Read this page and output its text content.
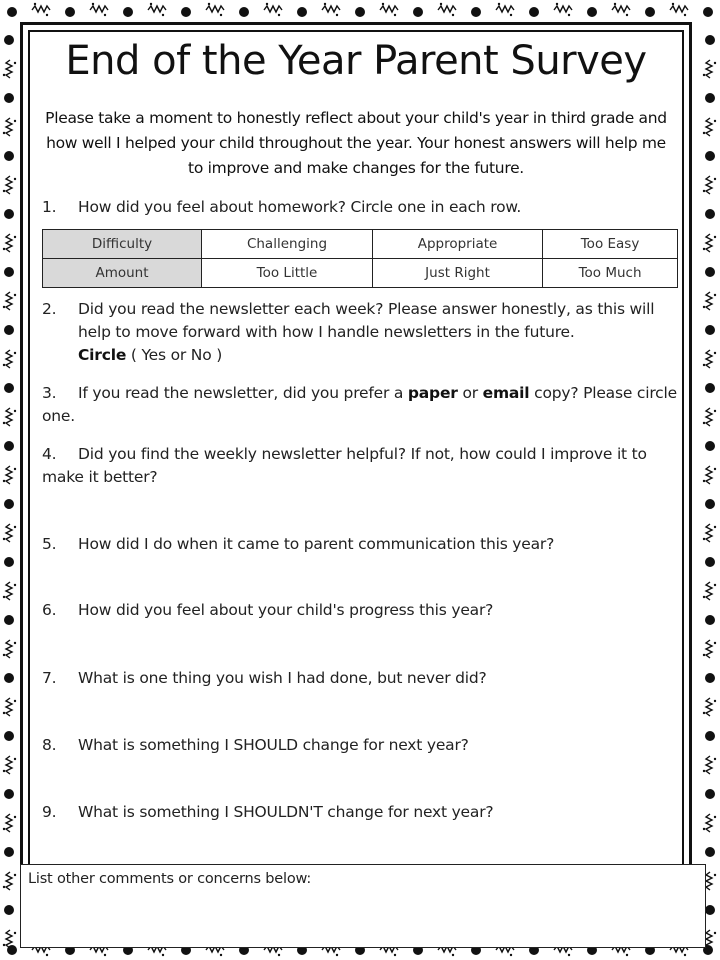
End of the Year Parent Survey

Please take a moment to honestly reflect about your child's year in third grade and how well I helped your child throughout the year. Your honest answers will help me to improve and make changes for the future.

1. How did you feel about homework? Circle one in each row.
Difficulty	Challenging	Appropriate	Too Easy
Amount	Too Little	Just Right	Too Much
2.	Did you read the newsletter each week? Please answer honestly, as this will help to move forward with how I handle newsletters in the future.
Circle ( Yes or No )
3. If you read the newsletter, did you prefer a paper or email copy? Please circle one.
4. Did you find the weekly newsletter helpful? If not, how could I improve it to make it better?
5. How did I do when it came to parent communication this year?
6. How did you feel about your child's progress this year?
7. What is one thing you wish I had done, but never did?
8. What is something I SHOULD change for next year?
9. What is something I SHOULDN'T change for next year?
List other comments or concerns below:
